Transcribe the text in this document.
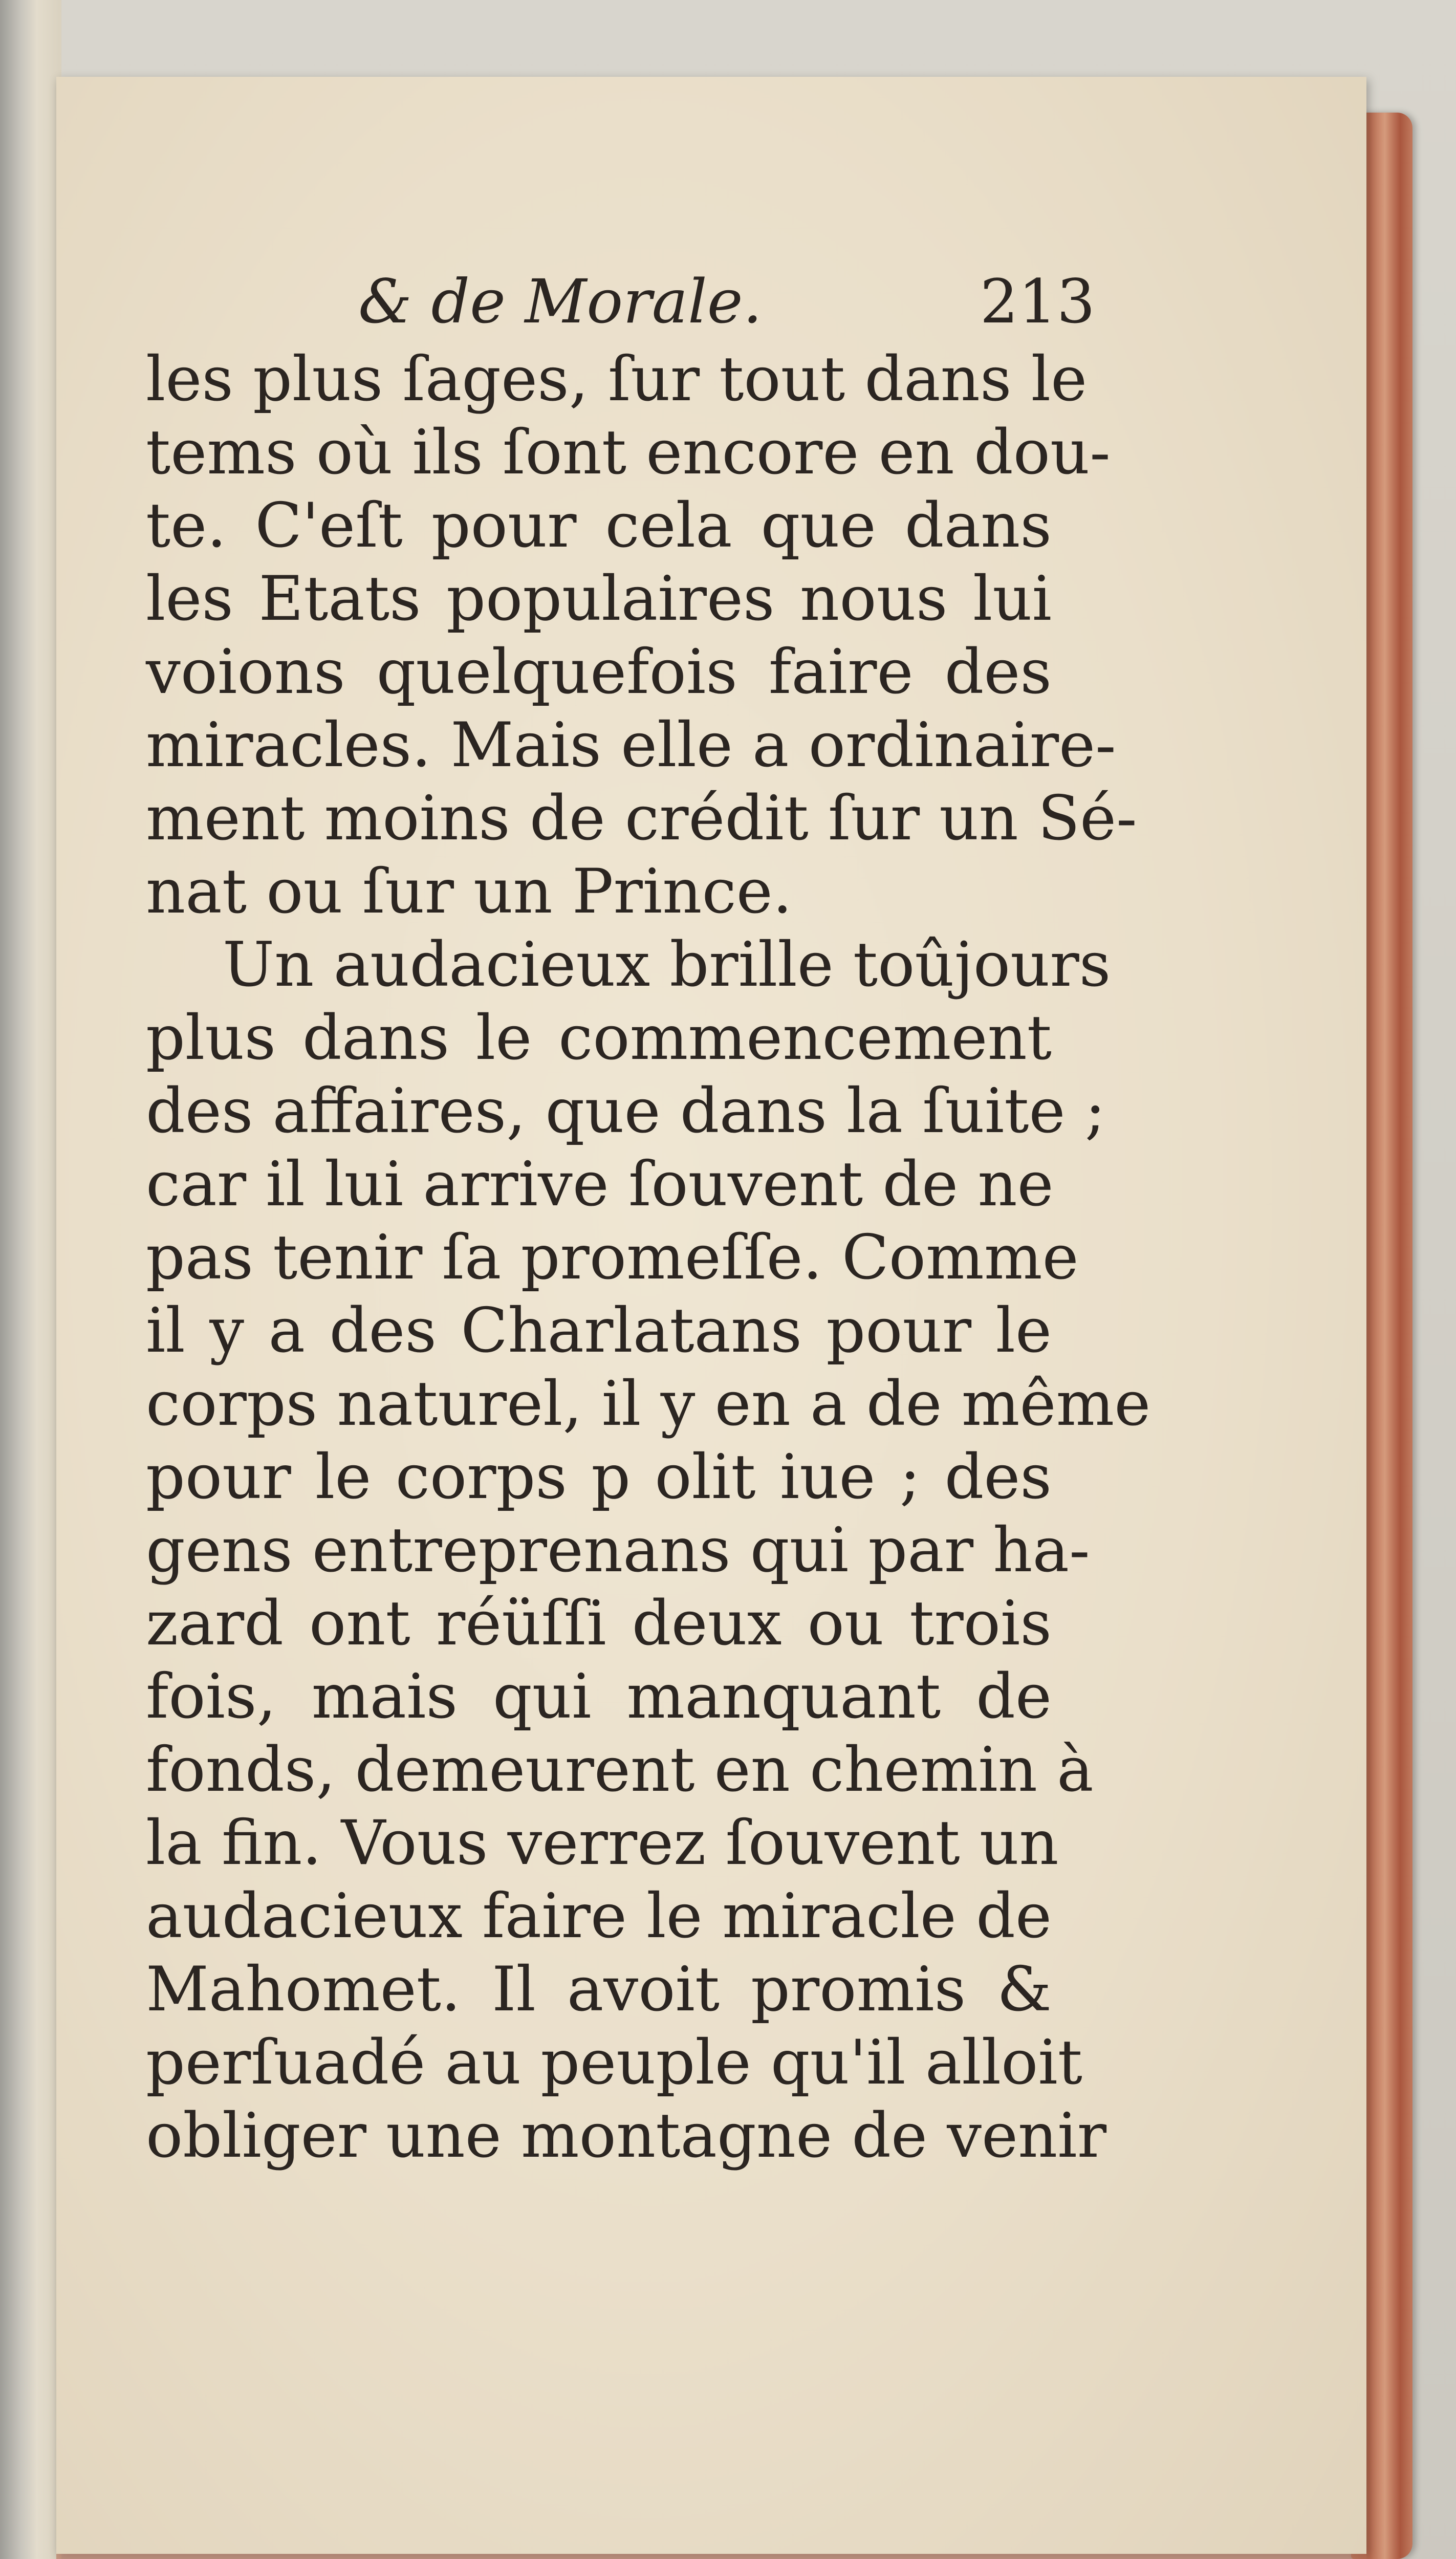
& de Morale.	213
les plus ſages, ſur tout dans le
tems où ils ſont encore en dou-
te. C'eſt pour cela que dans
les Etats populaires nous lui
voions quelquefois faire des
miracles. Mais elle a ordinaire-
ment moins de crédit ſur un Sé-
nat ou ſur un Prince.
Un audacieux brille toûjours
plus dans le commencement
des affaires, que dans la ſuite ;
car il lui arrive ſouvent de ne
pas tenir ſa promeſſe. Comme
il y a des Charlatans pour le
corps naturel, il y en a de même
pour le corps p olit iue ; des
gens entreprenans qui par ha-
zard ont réüſſi deux ou trois
fois, mais qui manquant de
fonds, demeurent en chemin à
la fin. Vous verrez ſouvent un
audacieux faire le miracle de
Mahomet. Il avoit promis &
perſuadé au peuple qu'il alloit
obliger une montagne de venir
